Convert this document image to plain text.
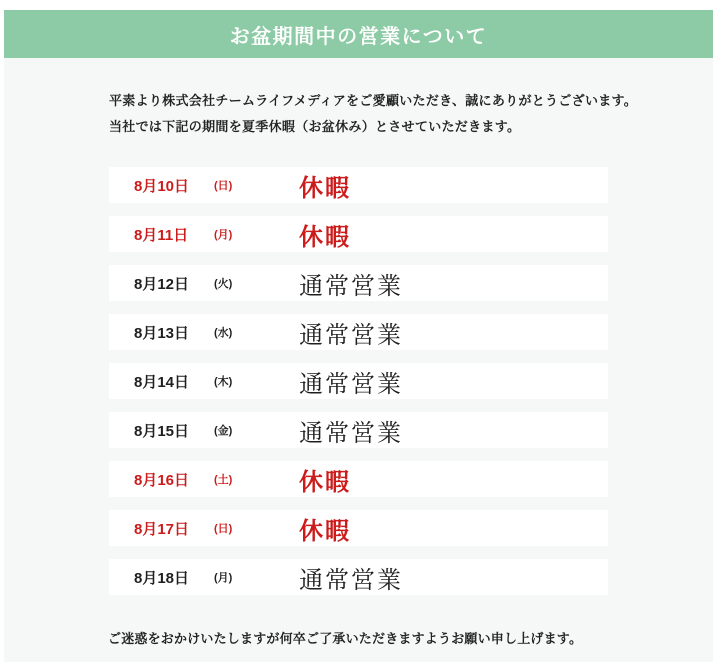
お盆期間中の営業について

平素より株式会社チームライフメディアをご愛顧いただき、誠にありがとうございます。

当社では下記の期間を夏季休暇（お盆休み）とさせていただきます。

8月10日	(日)	休暇
8月11日	(月)	休暇
8月12日	(火)	通常営業
8月13日	(水)	通常営業
8月14日	(木)	通常営業
8月15日	(金)	通常営業
8月16日	(土)	休暇
8月17日	(日)	休暇
8月18日	(月)	通常営業

ご迷惑をおかけいたしますが何卒ご了承いただきますようお願い申し上げます。
